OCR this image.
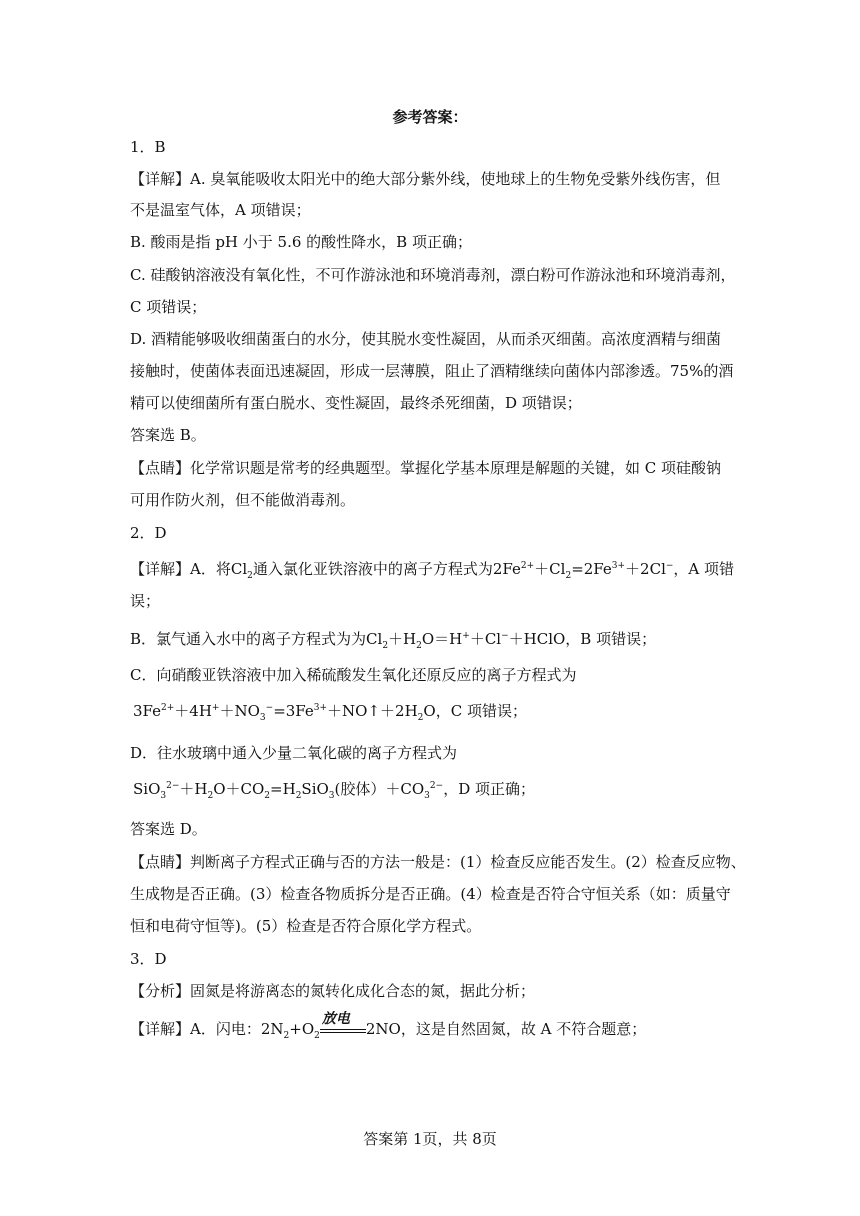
参考答案：
1．B
【详解】A. 臭氧能吸收太阳光中的绝大部分紫外线，使地球上的生物免受紫外线伤害，但
不是温室气体，A 项错误；
B. 酸雨是指 pH 小于 5.6 的酸性降水，B 项正确；
C. 硅酸钠溶液没有氧化性，不可作游泳池和环境消毒剂，漂白粉可作游泳池和环境消毒剂，
C 项错误；
D. 酒精能够吸收细菌蛋白的水分，使其脱水变性凝固，从而杀灭细菌。高浓度酒精与细菌
接触时，使菌体表面迅速凝固，形成一层薄膜，阻止了酒精继续向菌体内部渗透。75%的酒
精可以使细菌所有蛋白脱水、变性凝固，最终杀死细菌，D 项错误；
答案选 B。
【点睛】化学常识题是常考的经典题型。掌握化学基本原理是解题的关键，如 C 项硅酸钠
可用作防火剂，但不能做消毒剂。
2．D
【详解】A．将$Cl_2$通入氯化亚铁溶液中的离子方程式为$2Fe^{2+}+Cl_2=2Fe^{3+}+2Cl^-$，A 项错
误；
B．氯气通入水中的离子方程式为为$Cl_2+H_2O=H^++Cl^-+HClO$，B 项错误；
C．向硝酸亚铁溶液中加入稀硫酸发生氧化还原反应的离子方程式为
$3Fe^{2+}+4H^++NO_3^-=3Fe^{3+}+NO↑+2H_2O$，C 项错误；
D．往水玻璃中通入少量二氧化碳的离子方程式为
$SiO_3^{2-}+H_2O+CO_2=H_2SiO_3$(胶体）$+CO_3^{2-}$，D 项正确；
答案选 D。
【点睛】判断离子方程式正确与否的方法一般是：(1）检查反应能否发生。(2）检查反应物、
生成物是否正确。(3）检查各物质拆分是否正确。(4）检查是否符合守恒关系（如：质量守
恒和电荷守恒等)。(5）检查是否符合原化学方程式。
3．D
【分析】固氮是将游离态的氮转化成化合态的氮，据此分析；
【详解】A．闪电：$2N_2+O_2$
放电
2NO，这是自然固氮，故 A 不符合题意；
答案第 1页，共 8页
